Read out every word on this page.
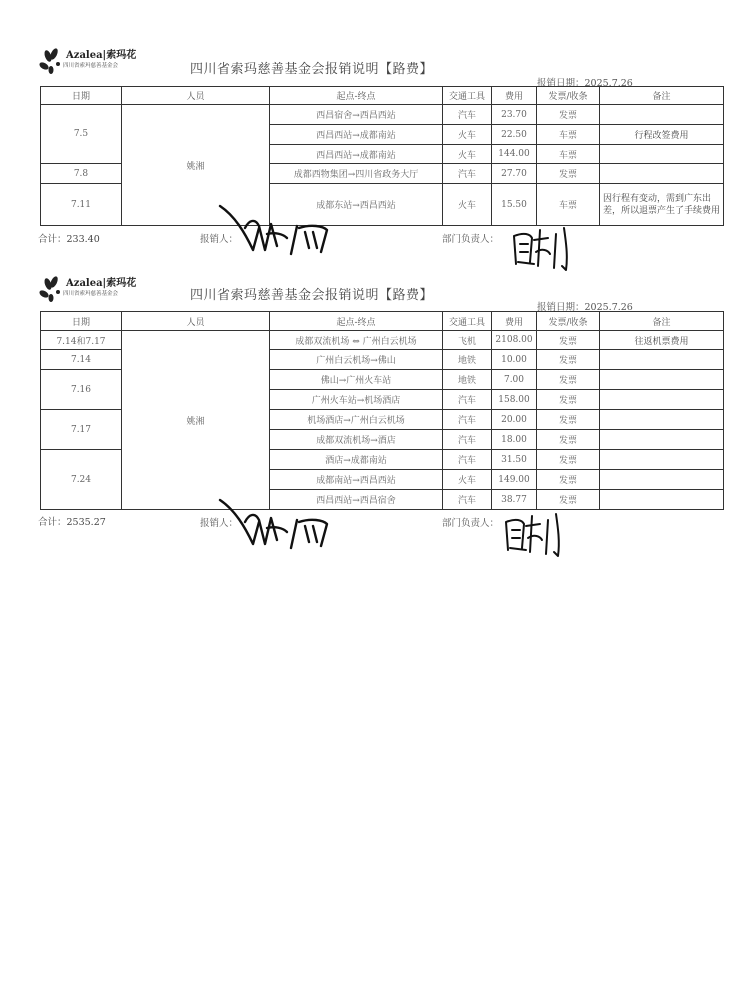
Azalea|索玛花
四川省索玛慈善基金会	四川省索玛慈善基金会报销说明【路费】
报销日期：2025.7.26
日期	人员	起点-终点	交通工具	费用	发票/收条	备注
7.5	姚湘	西昌宿舍→西昌西站	汽车	23.70	发票	
		西昌西站→成都南站	火车	22.50	车票	行程改签费用
		西昌西站→成都南站	火车	144.00	车票	
7.8		成都西物集团→四川省政务大厅	汽车	27.70	发票	
7.11		成都东站→西昌西站	火车	15.50	车票	因行程有变动，需到广东出差，所以退票产生了手续费用
合计：233.40	报销人：	部门负责人：
Azalea|索玛花
四川省索玛慈善基金会	四川省索玛慈善基金会报销说明【路费】
报销日期：2025.7.26
日期	人员	起点-终点	交通工具	费用	发票/收条	备注
7.14和7.17	姚湘	成都双流机场 ⇔ 广州白云机场	飞机	2108.00	发票	往返机票费用
7.14		广州白云机场→佛山	地铁	10.00	发票	
7.16		佛山→广州火车站	地铁	7.00	发票	
		广州火车站→机场酒店	汽车	158.00	发票	
7.17		机场酒店→广州白云机场	汽车	20.00	发票	
		成都双流机场→酒店	汽车	18.00	发票	
7.24		酒店→成都南站	汽车	31.50	发票	
		成都南站→西昌西站	火车	149.00	发票	
		西昌西站→西昌宿舍	汽车	38.77	发票	
合计：2535.27	报销人：	部门负责人：
